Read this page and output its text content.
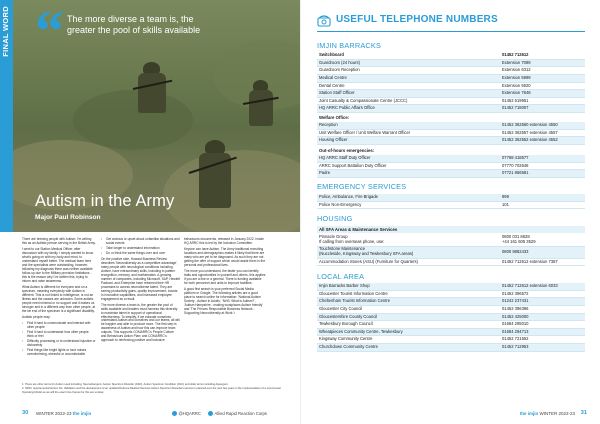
FINAL WORD “ The more diverse a team is, the greater the pool of skills available
Autism in the Army
Major Paul Robinson

There are brewing people with Autism. I'm writing this as an Autistic person serving in the British Army.

I went to our Station Medical Officer, after discussion with my family. I simply wanted to know what's going on with my body and mind, to understand myself better. The medical team here and the specialists were outstanding, however, following my diagnosis there was neither available follow-up due to the Military provision limitations - this is the reason why I've written this, trying to inform and raise awareness.

What Autism is different for everyone and on a spectrum, meaning everybody with Autism is different. This is not linked to intelligence, is not an illness and the causes are unknown. Some autistic people need minimal or no support and it makes us stronger and in a different way from other people, at the far end of the spectrum is a significant disability.

Autistic people may:

• Find it hard to communicate and interact with other people
• Find it hard to understand how other people think or feel
• Difficulty processing or to understand injustice or dishonesty
• Find things like bright lights or loud noises overwhelming, stressful or uncomfortable
• Get anxious or upset about unfamiliar situations and social events
• Take longer to understand information
• Do or think the same things over and over

On the positive side, Howard Business Review describes 'Neurodiversity as a competitive advantage', many people with neurological conditions including Autism, have extraordinary skills, including in pattern recognition, memory, and mathematics. A growing number of companies, including Microsoft, SAP, Hewlett Packard, and Enterprise have reformed their HR processes to access neurodiverse talent. They are seeing productivity gains, quality improvement, boosts in innovative capabilities, and increased employee engagement as a result.

The more diverse a team is, the greater the pool of skills available and leaders must harness this diversity to maximise talent in support of operational effectiveness. To simplify, if we educate ourselves, understand Autism and ourselves and our teams, all will be happier and able to produce more. The first step is awareness of Autism and how this can improve team outputs. This supports COMARRC's People Culture and Behaviours Action Plan¹ and COMARRC's approach to reinforcing positive and inclusive

behaviours documents, released in January 2022. Inside HQ ARRC this is led by the Inclusion Committee.

Keyone can have Autism. The Army traditional recruiting locations and demographics makes it likely that there are many who are yet to be diagnosed. As such they are not getting the offer of support which would assist them in the personal and professional lives.

The more you understand, the faster you can identify traits and opportunities in yourself and others, this applies if you are a line or a general. There is funding available for both personnel and units to improve facilities.

A good first search is your preferred Social Media platform or Google. The following articles are a good place to search online for information: 'National Autism Society - Autism in Adults', 'NHS: What is Autism?', 'Autism Hampshire - making workplaces Autism friendly' and 'The Princes Responsible Business Network - Supporting Neurodiversity at Work.'²

1. There are other terms for Autism used including, Neurodivergent, Autism Spectrum Disorder (ASD), Autism Spectrum Condition (ASC) and older terms including Aspergers.

2. SPAC requirements/Version No. Validation and the development of an updated Defence Medical Services Autism Spectrum Disorders service is planned over the next few years in the implementation of a new Human Operating Model as we will the exact time frames for this are unclear.

30 WINTER 2022-23 the imjin	@HQARRC	Allied Rapid Reaction Corps
USEFUL TELEPHONE NUMBERS
IMJIN BARRACKS
Switchboard	01452 712612
Guardroom (24 hours)	Extension 7089
Guardroom Reception	Extension 6312
Medical Centre	Extension 5999
Dental Centre	Extension 5920
Station Staff Officer	Extension 7848
Joint Casualty & Compassionate Centre (JCCC)	01452 519951
HQ ARRC Public Affairs Office	01452 718007
Welfare Office:
Reception	01452 362560 extension 4550
Unit Welfare Officer / Unit Welfare Warrant Officer	01452 362557 extension 4557
Housing Officer	01452 362552 extension 4552
Out-of-hours emergencies:
HQ ARRC Staff Duty Officer	07768 418577
ARRC Support Battalion Duty Officer	07770 702648
Padre	07721 866581
EMERGENCY SERVICES
Police, Ambulance, Fire Brigade	999
Police Non-Emergency	101
HOUSING
All SFA Areas & Maintenance Services
Pinnacle Group
If calling from overseas phone, use:	0800 031 8628
+44 161 605 3529
Touchstone Maintenance
(Nuccleside, Kingsway and Tewkesbury SFA areas)	0800 9882433
Accommodation Stores (ASU) (Furniture for Quarters)	01452 712612 extension 7387
LOCAL AREA
Imjin Barracks Barber Shop	01452 712612 extension 6033
Gloucester Tourist Information Centre	01452 396572
Cheltenham Tourist Information Centre	01242 237431
Gloucester City Council	01452 396396
Gloucestershire County Council	01452 425000
Tewkesbury Borough Council	01684 295010
Wheatpieces Community Centre, Tewkesbury	01684 294713
Kingsway Community Centre	01452 721552
Churchdown Community Centre	01452 712953
the imjin WINTER 2022-23 31
